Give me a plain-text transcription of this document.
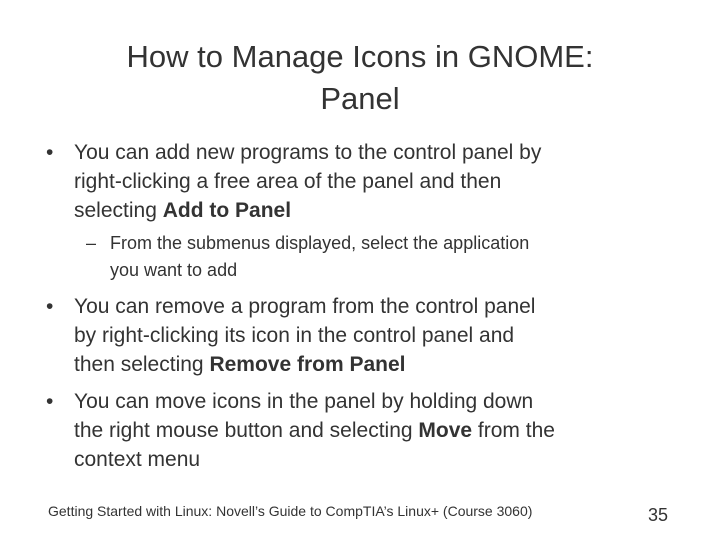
How to Manage Icons in GNOME:
Panel
• You can add new programs to the control panel by
right-clicking a free area of the panel and then
selecting Add to Panel
– From the submenus displayed, select the application
you want to add
• You can remove a program from the control panel
by right-clicking its icon in the control panel and
then selecting Remove from Panel
• You can move icons in the panel by holding down
the right mouse button and selecting Move from the
context menu
Getting Started with Linux: Novell’s Guide to CompTIA’s Linux+ (Course 3060)	35
